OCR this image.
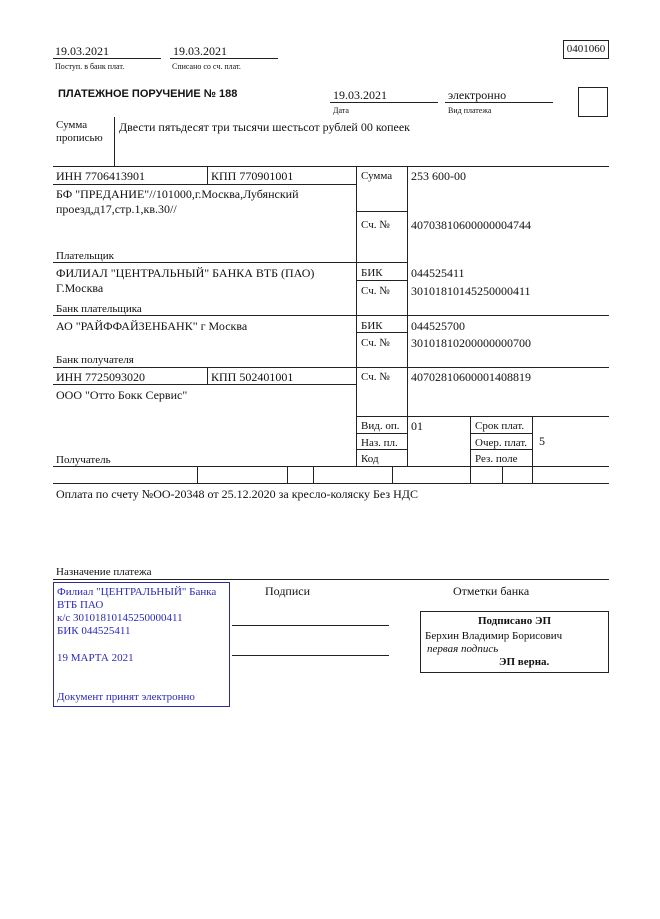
19.03.2021
Поступ. в банк плат.
19.03.2021
Списано со сч. плат.
0401060
ПЛАТЕЖНОЕ ПОРУЧЕНИЕ № 188	19.03.2021
Дата
электронно
Вид платежа
Сумма
прописью
Двести пятьдесят три тысячи шестьсот рублей 00 копеек
ИНН 7706413901	КПП 770901001
БФ "ПРЕДАНИЕ"//101000,г.Москва,Лубянский
проезд,д17,стр.1,кв.30//
Плательщик
Сумма 253 600-00
Сч. № 40703810600000004744
ФИЛИАЛ "ЦЕНТРАЛЬНЫЙ" БАНКА ВТБ (ПАО)
Г.Москва
Банк плательщика
БИК 044525411
Сч. № 30101810145250000411
АО "РАЙФФАЙЗЕНБАНК" г Москва
Банк получателя
БИК 044525700
Сч. № 30101810200000000700
ИНН 7725093020	КПП 502401001
ООО "Отто Бокк Сервис"
Получатель
Сч. № 40702810600001408819
Вид. оп. 01	Срок плат.
Наз. пл.	Очер. плат. 5
Код	Рез. поле
Оплата по счету №ОО-20348 от 25.12.2020 за кресло-коляску Без НДС
Назначение платежа
Подписи	Отметки банка
Филиал "ЦЕНТРАЛЬНЫЙ" Банка
ВТБ ПАО
к/с 30101810145250000411
БИК 044525411
19 МАРТА 2021
Документ принят электронно
Подписано ЭП
Берхин Владимир Борисович
первая подпись
ЭП верна.
